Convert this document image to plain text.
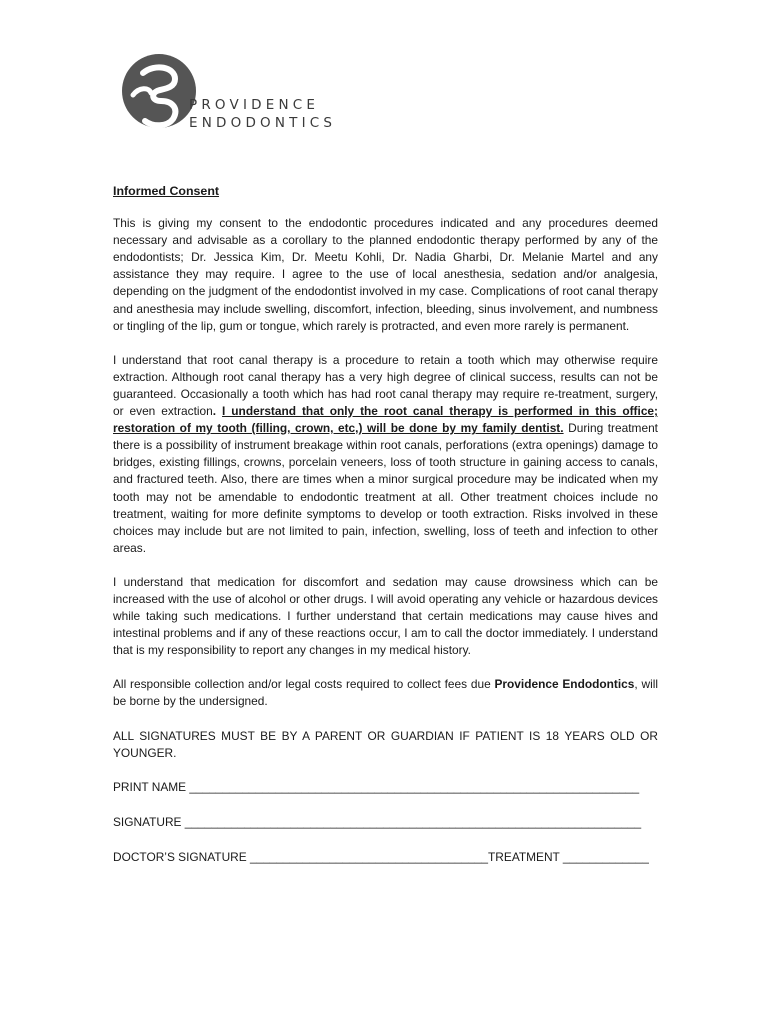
PROVIDENCE
ENDODONTICS
Informed Consent

This is giving my consent to the endodontic procedures indicated and any procedures deemed necessary and advisable as a corollary to the planned endodontic therapy performed by any of the endodontists; Dr. Jessica Kim, Dr. Meetu Kohli, Dr. Nadia Gharbi, Dr. Melanie Martel and any assistance they may require. I agree to the use of local anesthesia, sedation and/or analgesia, depending on the judgment of the endodontist involved in my case. Complications of root canal therapy and anesthesia may include swelling, discomfort, infection, bleeding, sinus involvement, and numbness or tingling of the lip, gum or tongue, which rarely is protracted, and even more rarely is permanent.

I understand that root canal therapy is a procedure to retain a tooth which may otherwise require extraction. Although root canal therapy has a very high degree of clinical success, results can not be guaranteed. Occasionally a tooth which has had root canal therapy may require re-treatment, surgery, or even extraction. I understand that only the root canal therapy is performed in this office; restoration of my tooth (filling, crown, etc,) will be done by my family dentist. During treatment there is a possibility of instrument breakage within root canals, perforations (extra openings) damage to bridges, existing fillings, crowns, porcelain veneers, loss of tooth structure in gaining access to canals, and fractured teeth. Also, there are times when a minor surgical procedure may be indicated when my tooth may not be amendable to endodontic treatment at all. Other treatment choices include no treatment, waiting for more definite symptoms to develop or tooth extraction. Risks involved in these choices may include but are not limited to pain, infection, swelling, loss of teeth and infection to other areas.

I understand that medication for discomfort and sedation may cause drowsiness which can be increased with the use of alcohol or other drugs. I will avoid operating any vehicle or hazardous devices while taking such medications. I further understand that certain medications may cause hives and intestinal problems and if any of these reactions occur, I am to call the doctor immediately. I understand that is my responsibility to report any changes in my medical history.

All responsible collection and/or legal costs required to collect fees due Providence Endodontics, will be borne by the undersigned.

ALL SIGNATURES MUST BE BY A PARENT OR GUARDIAN IF PATIENT IS 18 YEARS OLD OR YOUNGER.

PRINT NAME ____________________________________________________________________
SIGNATURE _____________________________________________________________________
DOCTOR’S SIGNATURE ____________________________________TREATMENT _____________
